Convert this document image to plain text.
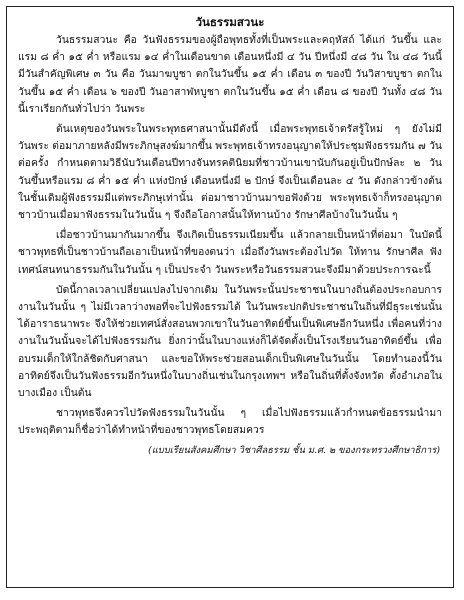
วันธรรมสวนะ

วันธรรมสวนะ คือ วันฟังธรรมของผู้ถือพุทธทั้งที่เป็นพระและคฤหัสถ์ ได้แก่ วันขึ้น และแรม ๘ ค่ำ ๑๕ ค่ำ หรือแรม ๑๔ ค่ำในเดือนขาด เดือนหนึ่งมี ๔ วัน ปีหนึ่งมี ๔๘ วัน ใน ๔๘ วันนี้มีวันสำคัญพิเศษ ๓ วัน คือ วันมาฆบูชา ตกในวันขึ้น ๑๕ ค่ำ เดือน ๓ ของปี วันวิสาขบูชา ตกในวันขึ้น ๑๕ ค่ำ เดือน ๖ ของปี วันอาสาฬหบูชา ตกในวันขึ้น ๑๕ ค่ำ เดือน ๘ ของปี วันทั้ง ๔๘ วันนี้เราเรียกกันทั่วไปว่า วันพระ

ต้นเหตุของวันพระในพระพุทธศาสนานั้นมีดังนี้ เมื่อพระพุทธเจ้าตรัสรู้ใหม่ ๆ ยังไม่มีวันพระ ต่อมาภายหลังมีพระภิกษุสงฆ์มากขึ้น พระพุทธเจ้าทรงอนุญาตให้ประชุมฟังธรรมกัน ๗ วันต่อครั้ง กำหนดตามวิธีนับวันเดือนปีทางจันทรคตินิยมที่ชาวบ้านเขานับกันอยู่เป็นปักษ์ละ ๒ วัน วันขึ้นหรือแรม ๘ ค่ำ ๑๕ ค่ำ แห่งปักษ์ เดือนหนึ่งมี ๒ ปักษ์ จึงเป็นเดือนละ ๔ วัน ดังกล่าวข้างต้น ในชั้นเดิมผู้ฟังธรรมมีแต่พระภิกษุเท่านั้น ต่อมาชาวบ้านมาขอฟังด้วย พระพุทธเจ้าก็ทรงอนุญาต ชาวบ้านเมื่อมาฟังธรรมในวันนั้น ๆ จึงถือโอกาสนั้นให้ทานบ้าง รักษาศีลบ้างในวันนั้น ๆ

เมื่อชาวบ้านมากันมากขึ้น จึงเกิดเป็นธรรมเนียมขึ้น แล้วกลายเป็นหน้าที่ต่อมา ในบัดนี้ชาวพุทธที่เป็นชาวบ้านถือเอาเป็นหน้าที่ของตนว่า เมื่อถึงวันพระต้องไปวัด ให้ทาน รักษาศีล ฟังเทศน์สนทนาธรรมกันในวันนั้น ๆ เป็นประจำ วันพระหรือวันธรรมสวนะจึงมีมาด้วยประการฉะนี้

บัดนี้กาลเวลาเปลี่ยนแปลงไปจากเดิม ในวันพระนั้นประชาชนในบางถิ่นต้องประกอบการงานในวันนั้น ๆ ไม่มีเวลาว่างพอที่จะไปฟังธรรมได้ ในวันพระปกติประชาชนในถิ่นที่มีธุระเช่นนั้นได้อาราธนาพระ จึงให้ช่วยเทศน์สั่งสอนพวกเขาในวันอาทิตย์ขึ้นเป็นพิเศษอีกวันหนึ่ง เพื่อคนที่ว่างงานในวันนั้นจะได้ไปฟังธรรมกัน ยิ่งกว่านั้นในบางแห่งก็ได้จัดตั้งเป็นโรงเรียนวันอาทิตย์ขึ้น เพื่ออบรมเด็กให้ใกล้ชิดกับศาสนา และขอให้พระช่วยสอนเด็กเป็นพิเศษในวันนั้น โดยทำนองนี้วันอาทิตย์จึงเป็นวันฟังธรรมอีกวันหนึ่งในบางถิ่นเช่นในกรุงเทพฯ หรือในถิ่นที่ตั้งจังหวัด ตั้งอำเภอในบางเมือง เป็นต้น

ชาวพุทธจึงควรไปวัดฟังธรรมในวันนั้น ๆ เมื่อไปฟังธรรมแล้วกำหนดข้อธรรมนำมาประพฤติตามก็ชื่อว่าได้ทำหน้าที่ของชาวพุทธโดยสมควร

(แบบเรียนสังคมศึกษา วิชาศีลธรรม ชั้น ม.ศ. ๒ ของกระทรวงศึกษาธิการ)
